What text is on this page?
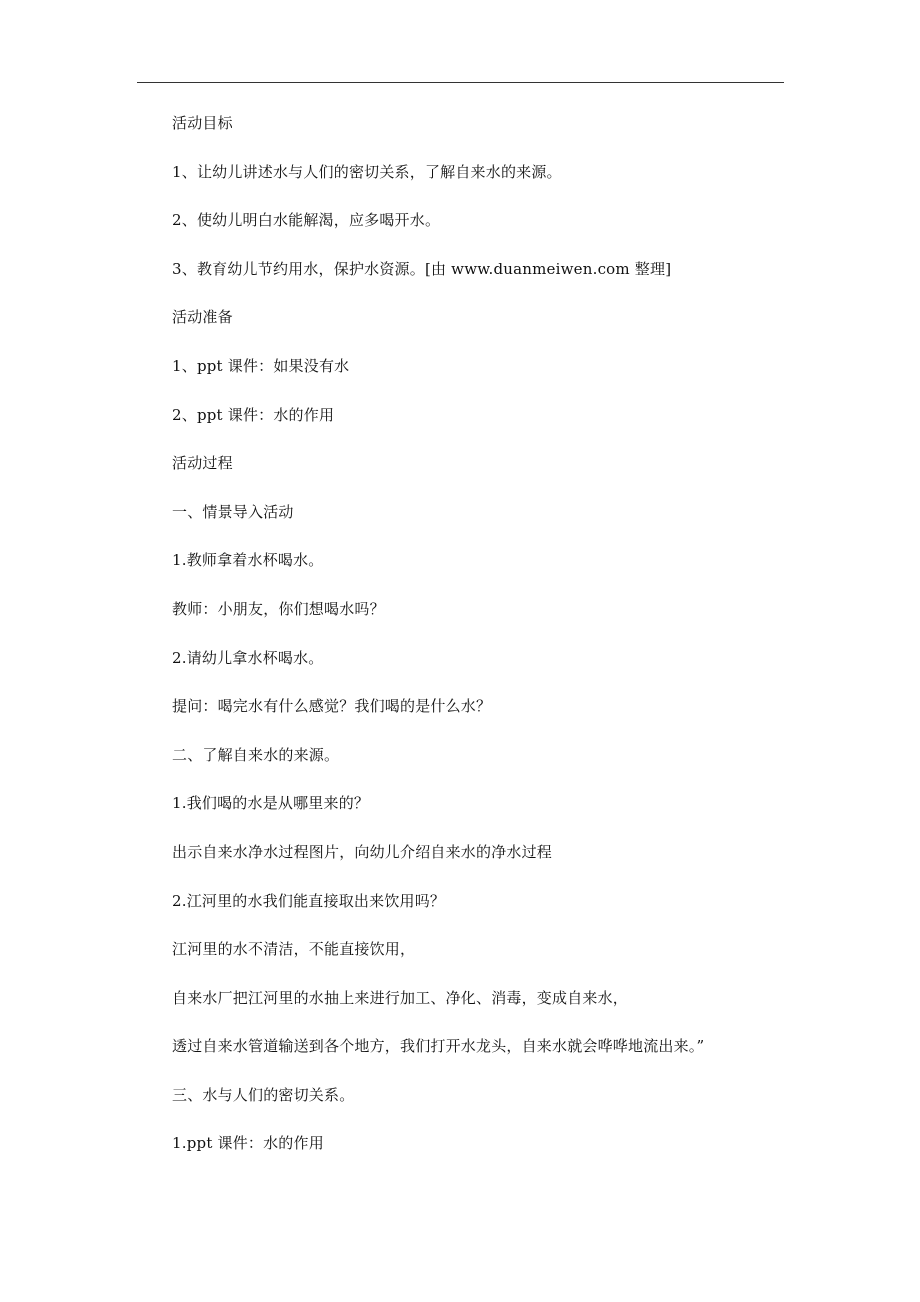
活动目标
1、让幼儿讲述水与人们的密切关系，了解自来水的来源。
2、使幼儿明白水能解渴，应多喝开水。
3、教育幼儿节约用水，保护水资源。[由 www.duanmeiwen.com 整理]
活动准备
1、ppt 课件：如果没有水
2、ppt 课件：水的作用
活动过程
一、情景导入活动
1.教师拿着水杯喝水。
教师：小朋友，你们想喝水吗？
2.请幼儿拿水杯喝水。
提问：喝完水有什么感觉？我们喝的是什么水？
二、了解自来水的来源。
1.我们喝的水是从哪里来的？
出示自来水净水过程图片，向幼儿介绍自来水的净水过程
2.江河里的水我们能直接取出来饮用吗？
江河里的水不清洁，不能直接饮用，
自来水厂把江河里的水抽上来进行加工、净化、消毒，变成自来水，
透过自来水管道输送到各个地方，我们打开水龙头，自来水就会哗哗地流出来。”
三、水与人们的密切关系。
1.ppt 课件：水的作用
